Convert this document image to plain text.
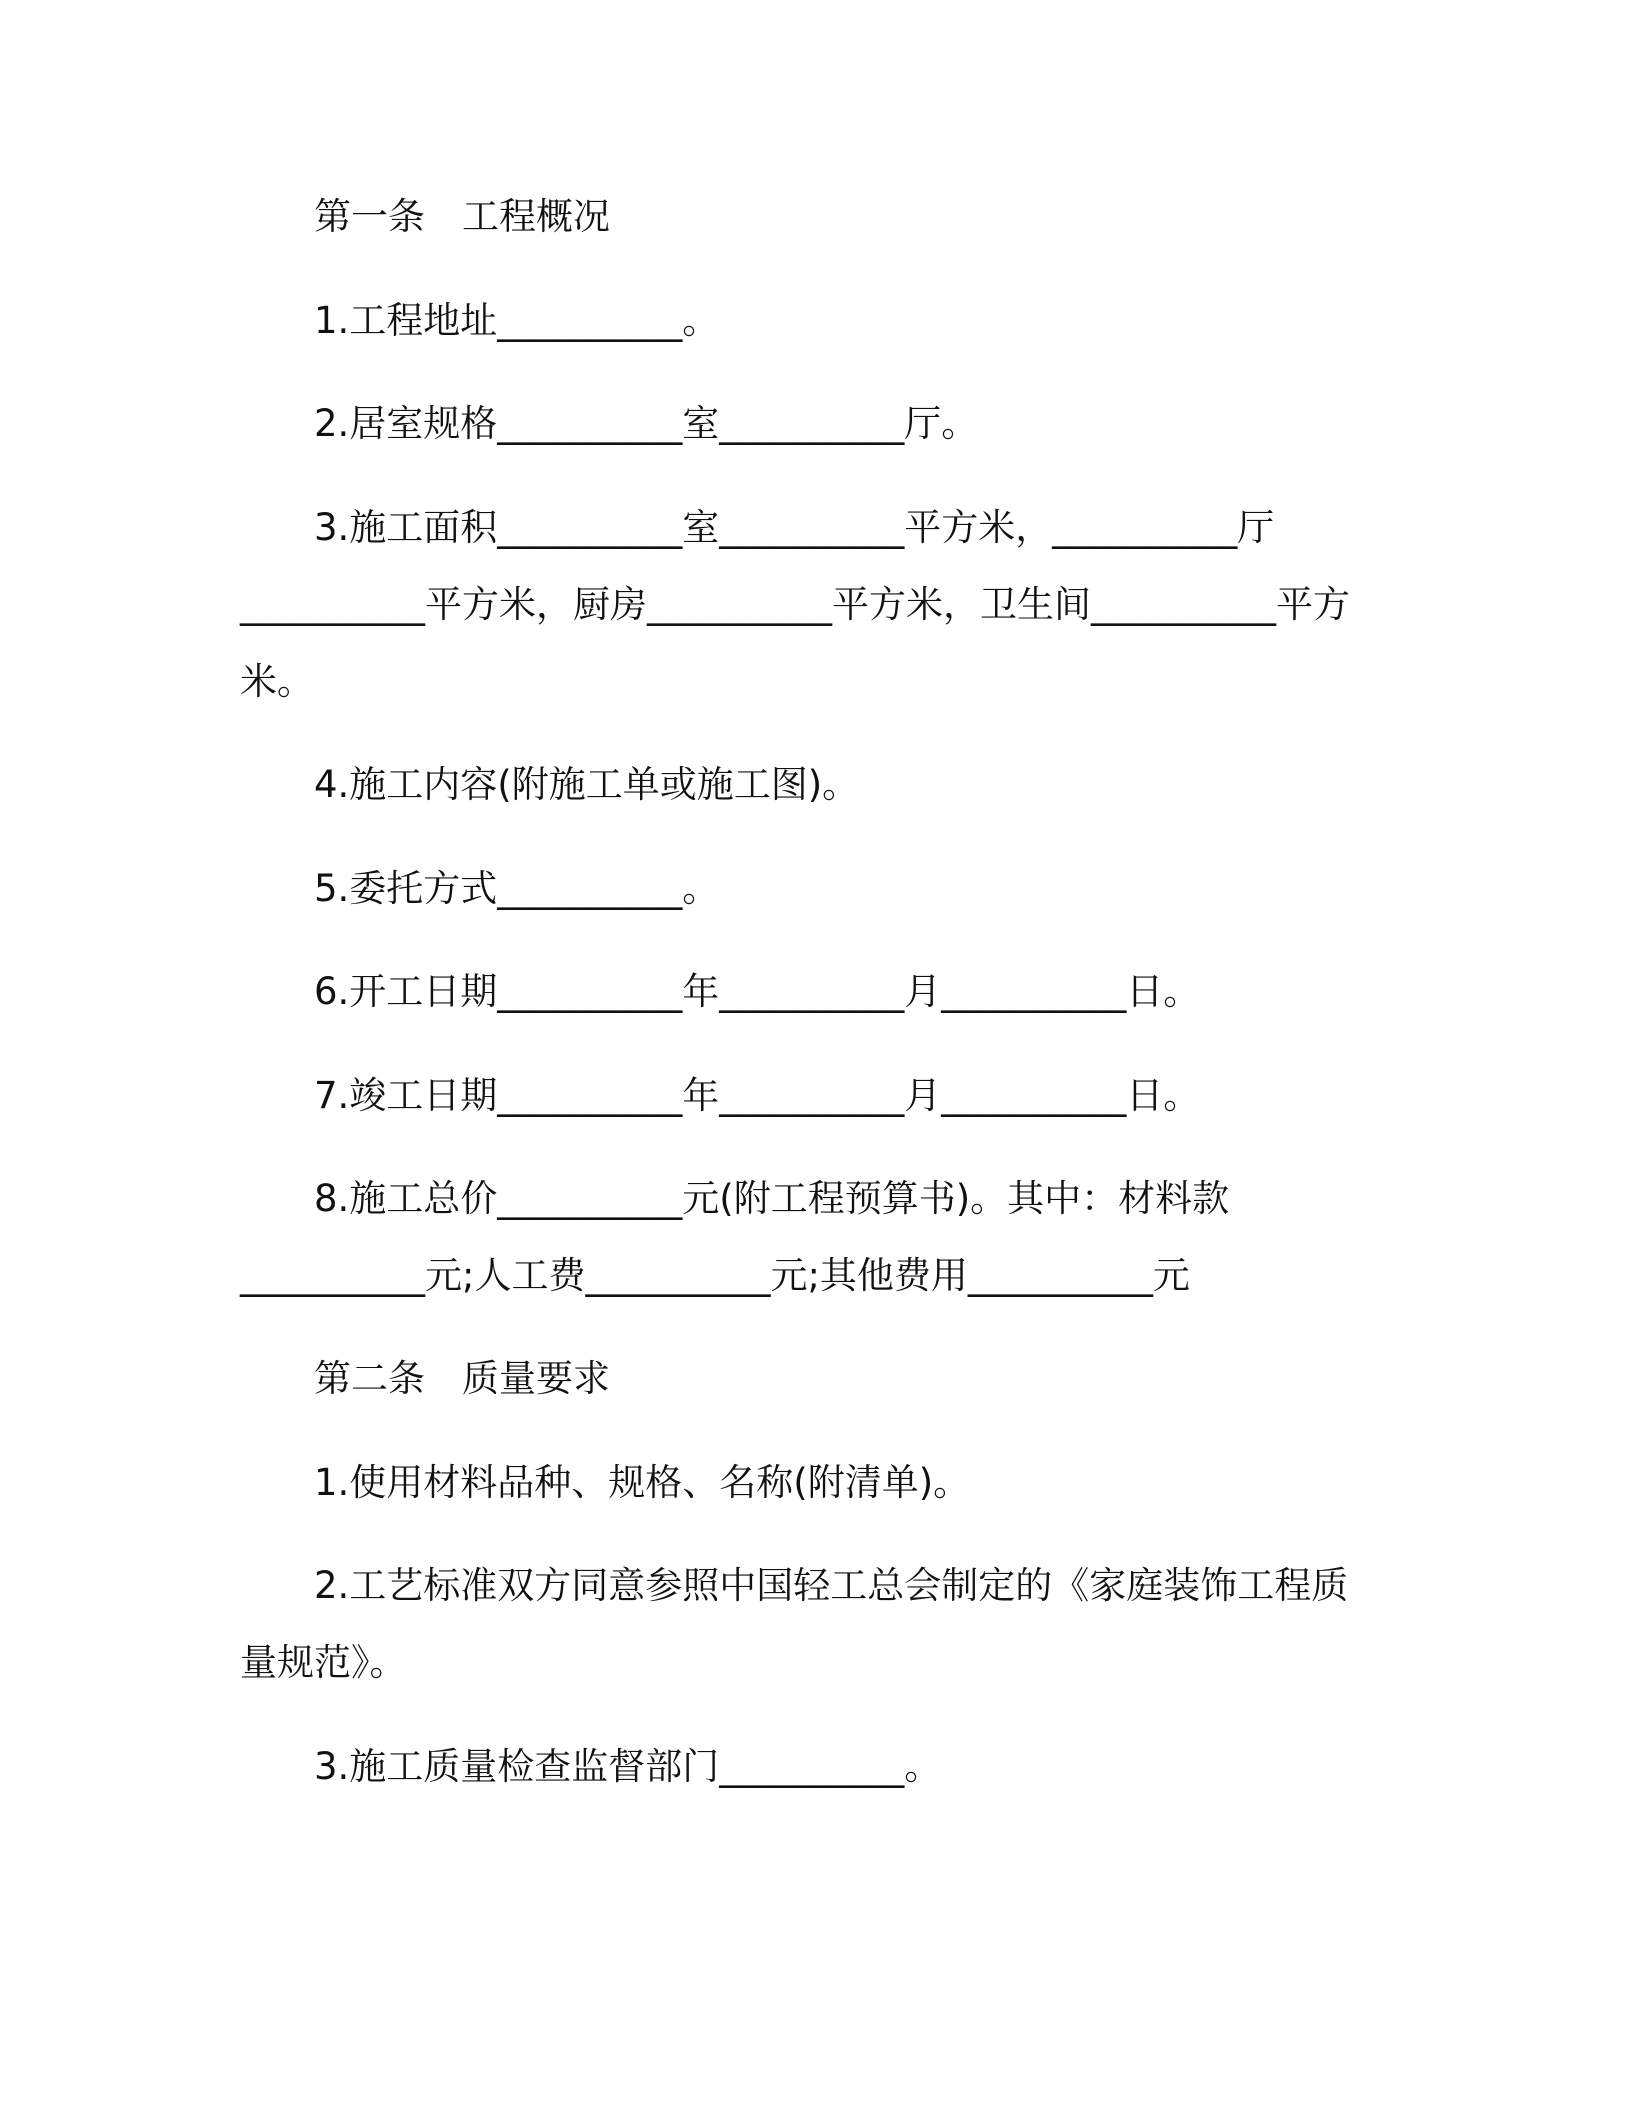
第一条　工程概况
1.工程地址__________。
2.居室规格__________室__________厅。
3.施工面积__________室__________平方米，__________厅
__________平方米，厨房__________平方米，卫生间__________平方
米。
4.施工内容(附施工单或施工图)。
5.委托方式__________。
6.开工日期__________年__________月__________日。
7.竣工日期__________年__________月__________日。
8.施工总价__________元(附工程预算书)。其中：材料款
__________元;人工费__________元;其他费用__________元
第二条　质量要求
1.使用材料品种、规格、名称(附清单)。
2.工艺标准双方同意参照中国轻工总会制定的《家庭装饰工程质
量规范》。
3.施工质量检查监督部门__________。
